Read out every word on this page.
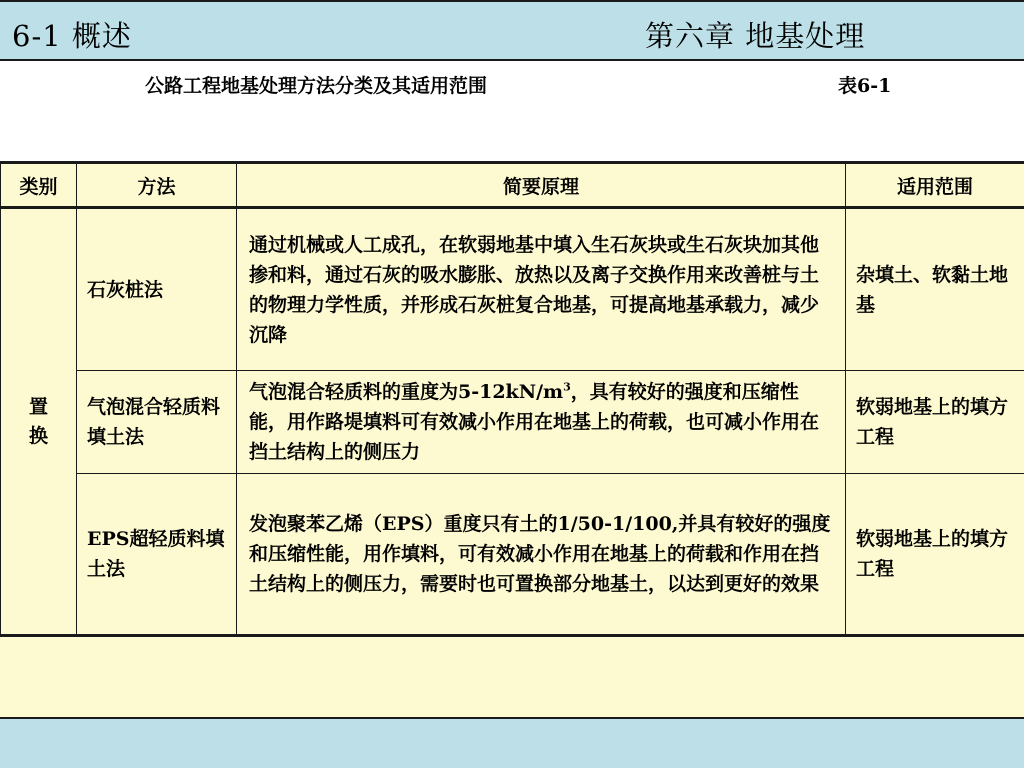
6-1 概述	第六章 地基处理
公路工程地基处理方法分类及其适用范围	表6-1
类别	方法	简要原理	适用范围
置换	石灰桩法	通过机械或人工成孔，在软弱地基中填入生石灰块或生石灰块加其他掺和料，通过石灰的吸水膨胀、放热以及离子交换作用来改善桩与土的物理力学性质，并形成石灰桩复合地基，可提高地基承载力，减少沉降	杂填土、软黏土地基
	气泡混合轻质料填土法	气泡混合轻质料的重度为$5-12kN/m^3$，具有较好的强度和压缩性能，用作路堤填料可有效减小作用在地基上的荷载，也可减小作用在挡土结构上的侧压力	软弱地基上的填方工程
	EPS超轻质料填土法	发泡聚苯乙烯（EPS）重度只有土的1/50-1/100,并具有较好的强度和压缩性能，用作填料，可有效减小作用在地基上的荷载和作用在挡土结构上的侧压力，需要时也可置换部分地基土，以达到更好的效果	软弱地基上的填方工程
